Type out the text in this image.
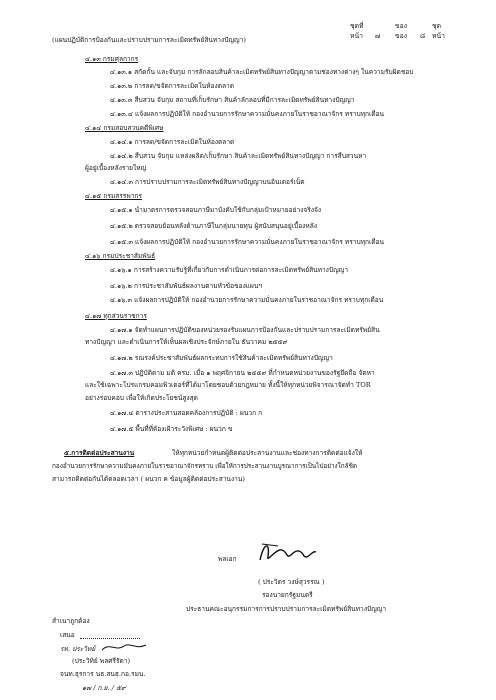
ชุดที่	ของ	ชุด
หน้า ๗ ของ ๘ หน้า
(แผนปฏิบัติการป้องกันและปราบปรามการละเมิดทรัพย์สินทางปัญญา)
๔.๑๓ กรมศุลกากร
๔.๑๓.๑ สกัดกั้น และจับกุม การลักลอบสินค้าละเมิดทรัพย์สินทางปัญญาตามช่องทางต่างๆ ในความรับผิดชอบ
๔.๑๓.๒ การลด/ขจัดการละเมิดในห้องตลาด
๔.๑๓.๓ สืบสวน จับกุม สถานที่เก็บรักษา สินค้าลักลอบที่มีการละเมิดทรัพย์สินทางปัญญา
๔.๑๓.๔ แจ้งผลการปฏิบัติให้ กองอำนวยการรักษาความมั่นคงภายในราชอาณาจักร ทราบทุกเดือน
๔.๑๔ กรมสอบสวนคดีพิเศษ
๔.๑๔.๑ การลด/ขจัดการละเมิดในห้องตลาด
๔.๑๔.๒ สืบสวน จับกุม แหล่งผลิต/เก็บรักษา สินค้าละเมิดทรัพย์สินทางปัญญา การสืบสวนหา
ผู้อยู่เบื้องหลังรายใหญ่
๔.๑๔.๓ การปราบปรามการละเมิดทรัพย์สินทางปัญญาบนอินเตอร์เน็ต
๔.๑๕ กรมสรรพากร
๔.๑๕.๑ นำมาตรการตรวจสอบภาษีมาบังคับใช้กับกลุ่มเป้าหมายอย่างจริงจัง
๔.๑๕.๒ ตรวจสอบย้อนหลังด้านภาษีในกลุ่มนายทุน ผู้สนับสนุนอยู่เบื้องหลัง
๔.๑๕.๓ แจ้งผลการปฏิบัติให้ กองอำนวยการรักษาความมั่นคงภายในราชอาณาจักร ทราบทุกเดือน
๔.๑๖ กรมประชาสัมพันธ์
๔.๑๖.๑ การสร้างความรับรู้ที่เกี่ยวกับการดำเนินการต่อการละเมิดทรัพย์สินทางปัญญา
๔.๑๖.๒ การประชาสัมพันธ์ผลงานตามหัวข้อของแผนฯ
๔.๑๖.๓ แจ้งผลการปฏิบัติให้ กองอำนวยการรักษาความมั่นคงภายในราชอาณาจักร ทราบทุกเดือน
๔.๑๗ ทุกส่วนราชการ
๔.๑๗.๑ จัดทำแผนการปฏิบัติของหน่วยรองรับแผนการป้องกันและปราบปรามการละเมิดทรัพย์สิน
ทางปัญญา และดำเนินการให้เห็นผลเชิงประจักษ์ภายใน ธันวาคม ๒๕๕๙
๔.๑๗.๒ รณรงค์ประชาสัมพันธ์ผลกระทบการใช้สินค้าละเมิดทรัพย์สินทางปัญญา
๔.๑๗.๓ ปฏิบัติตาม มติ ครม. เมื่อ ๑ พฤศจิกายน ๒๕๕๙ ที่กำหนดหน่วยงานของรัฐยึดถือ จัดหา
และใช้เฉพาะโปรแกรมคอมพิวเตอร์ที่ได้มาโดยชอบด้วยกฎหมาย ทั้งนี้ให้ทุกหน่วยพิจารณาจัดทำ TOR
อย่างรอบคอบ เพื่อให้เกิดประโยชน์สูงสุด
๔.๑๗.๔ ตารางประสานสอดคล้องการปฏิบัติ : ผนวก ก
๔.๑๗.๕ พื้นที่ที่ต้องเฝ้าระวังพิเศษ : ผนวก ข
๕.การติดต่อประสานงาน	ให้ทุกหน่วยกำหนดผู้ติดต่อประสานงานและช่องทางการติดต่อแจ้งให้
กองอำนวยการรักษาความมั่นคงภายในราชอาณาจักรทราบ เพื่อให้การประสานงานบูรณาการเป็นไปอย่างใกล้ชิด
สามารถติดต่อกันได้ตลอดเวลา ( ผนวก ค ข้อมูลผู้ติดต่อประสานงาน)
พลเอก
( ประวิตร วงษ์สุวรรณ )
รองนายกรัฐมนตรี
ประธานคณะอนุกรรมการการปราบปรามการละเมิดทรัพย์สินทางปัญญา
สำเนาถูกต้อง
เสนอ
รท. ประวิทย์
(ประวิทิย์ พลศรีรัตา)
จนท.ธุรการ นธ.สนธ.กอ.รมน.
๑๗ / ก.ย. / ๕๙
